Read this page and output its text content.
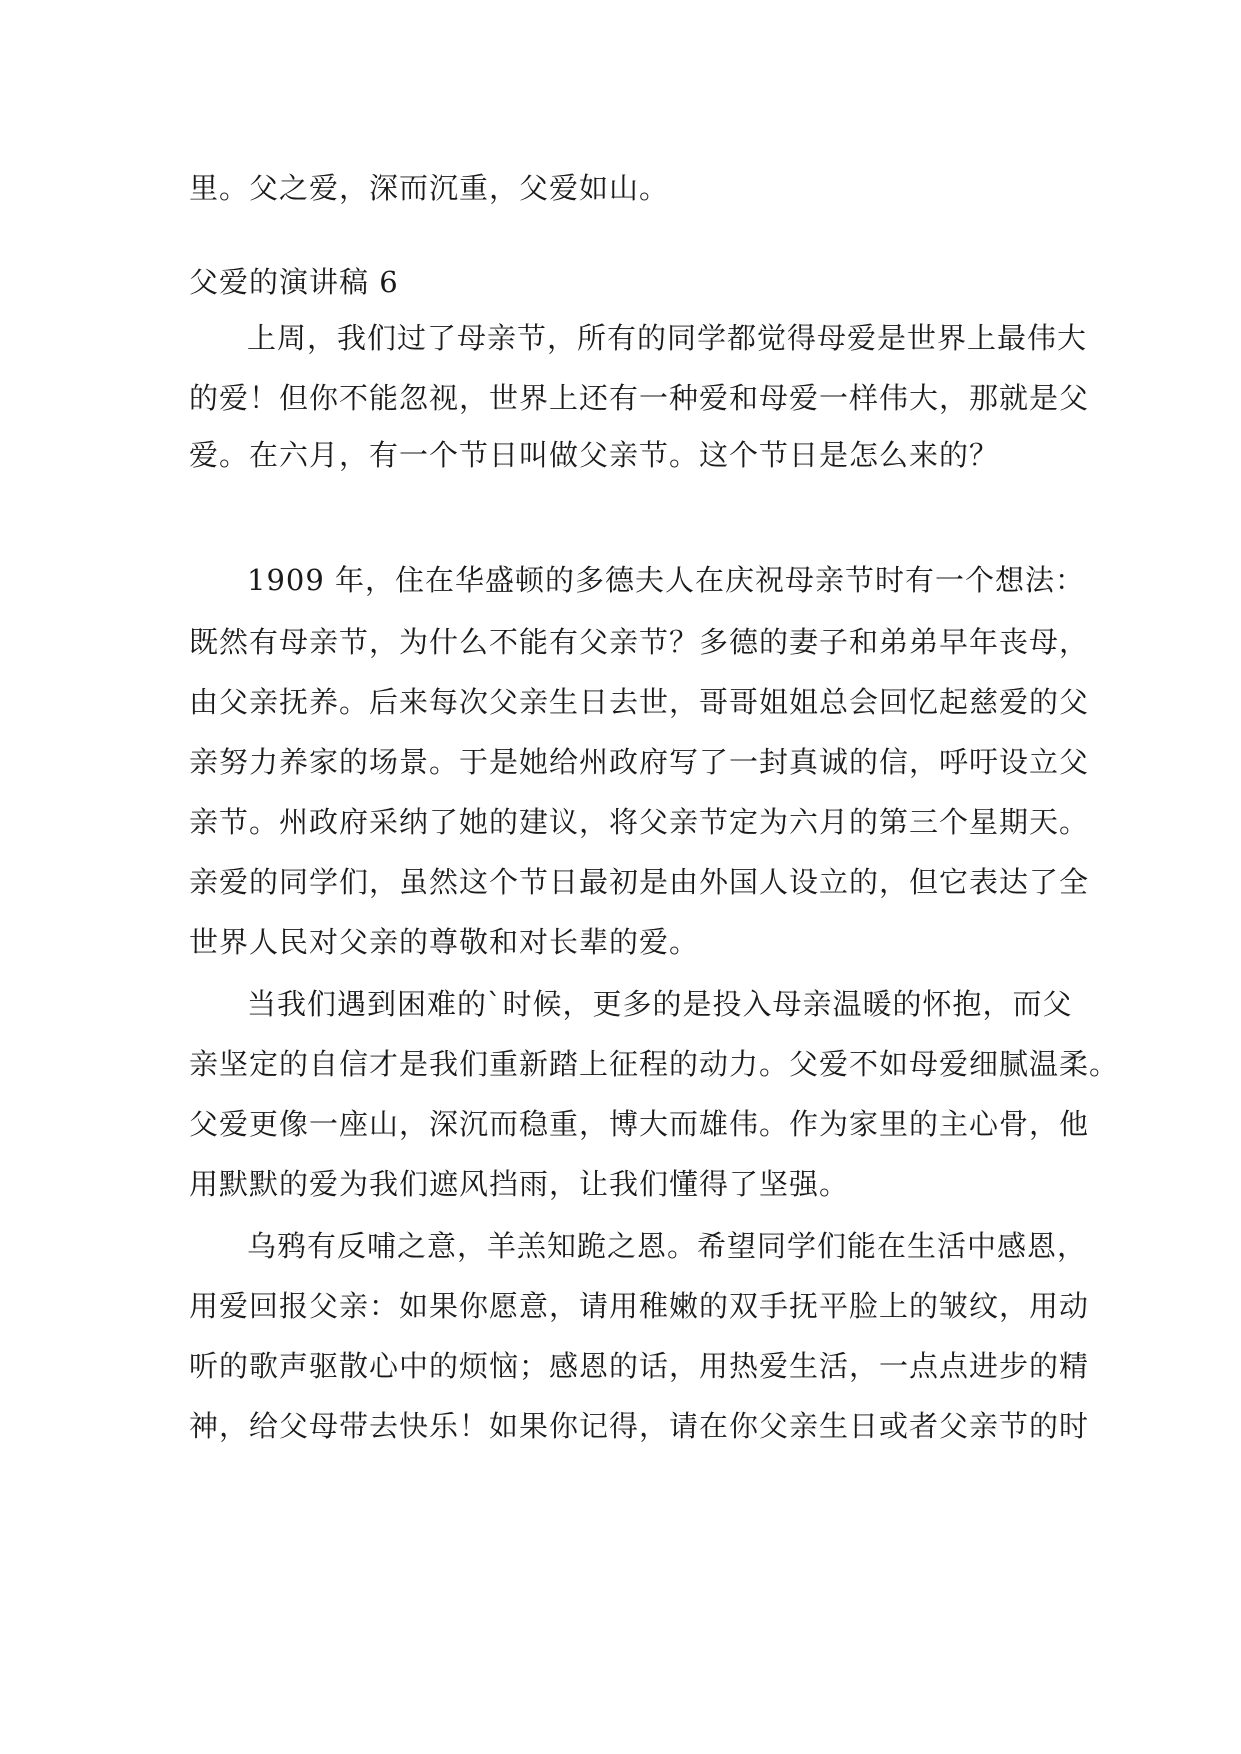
里。父之爱，深而沉重，父爱如山。
父爱的演讲稿 6
上周，我们过了母亲节，所有的同学都觉得母爱是世界上最伟大
的爱！但你不能忽视，世界上还有一种爱和母爱一样伟大，那就是父
爱。在六月，有一个节日叫做父亲节。这个节日是怎么来的？
1909 年，住在华盛顿的多德夫人在庆祝母亲节时有一个想法：
既然有母亲节，为什么不能有父亲节？多德的妻子和弟弟早年丧母，
由父亲抚养。后来每次父亲生日去世，哥哥姐姐总会回忆起慈爱的父
亲努力养家的场景。于是她给州政府写了一封真诚的信，呼吁设立父
亲节。州政府采纳了她的建议，将父亲节定为六月的第三个星期天。
亲爱的同学们，虽然这个节日最初是由外国人设立的，但它表达了全
世界人民对父亲的尊敬和对长辈的爱。
当我们遇到困难的`时候，更多的是投入母亲温暖的怀抱，而父
亲坚定的自信才是我们重新踏上征程的动力。父爱不如母爱细腻温柔。
父爱更像一座山，深沉而稳重，博大而雄伟。作为家里的主心骨，他
用默默的爱为我们遮风挡雨，让我们懂得了坚强。
乌鸦有反哺之意，羊羔知跪之恩。希望同学们能在生活中感恩，
用爱回报父亲：如果你愿意，请用稚嫩的双手抚平脸上的皱纹，用动
听的歌声驱散心中的烦恼；感恩的话，用热爱生活，一点点进步的精
神，给父母带去快乐！如果你记得，请在你父亲生日或者父亲节的时
